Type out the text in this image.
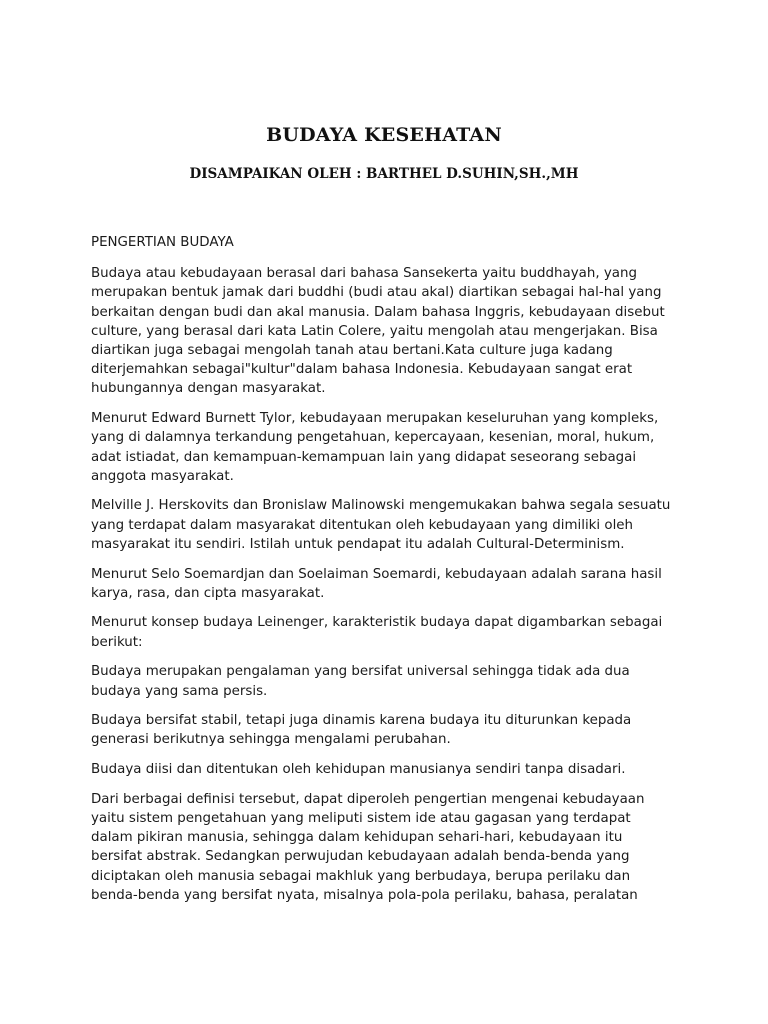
BUDAYA KESEHATAN
DISAMPAIKAN OLEH : BARTHEL D.SUHIN,SH.,MH

PENGERTIAN BUDAYA

Budaya atau kebudayaan berasal dari bahasa Sansekerta yaitu buddhayah, yang merupakan bentuk jamak dari buddhi (budi atau akal) diartikan sebagai hal-hal yang berkaitan dengan budi dan akal manusia. Dalam bahasa Inggris, kebudayaan disebut culture, yang berasal dari kata Latin Colere, yaitu mengolah atau mengerjakan. Bisa diartikan juga sebagai mengolah tanah atau bertani.Kata culture juga kadang diterjemahkan sebagai"kultur"dalam bahasa Indonesia. Kebudayaan sangat erat hubungannya dengan masyarakat.

Menurut Edward Burnett Tylor, kebudayaan merupakan keseluruhan yang kompleks, yang di dalamnya terkandung pengetahuan, kepercayaan, kesenian, moral, hukum, adat istiadat, dan kemampuan-kemampuan lain yang didapat seseorang sebagai anggota masyarakat.

Melville J. Herskovits dan Bronislaw Malinowski mengemukakan bahwa segala sesuatu yang terdapat dalam masyarakat ditentukan oleh kebudayaan yang dimiliki oleh masyarakat itu sendiri. Istilah untuk pendapat itu adalah Cultural-Determinism.

Menurut Selo Soemardjan dan Soelaiman Soemardi, kebudayaan adalah sarana hasil karya, rasa, dan cipta masyarakat.

Menurut konsep budaya Leinenger, karakteristik budaya dapat digambarkan sebagai berikut:

Budaya merupakan pengalaman yang bersifat universal sehingga tidak ada dua budaya yang sama persis.

Budaya bersifat stabil, tetapi juga dinamis karena budaya itu diturunkan kepada generasi berikutnya sehingga mengalami perubahan.

Budaya diisi dan ditentukan oleh kehidupan manusianya sendiri tanpa disadari.

Dari berbagai definisi tersebut, dapat diperoleh pengertian mengenai kebudayaan yaitu sistem pengetahuan yang meliputi sistem ide atau gagasan yang terdapat dalam pikiran manusia, sehingga dalam kehidupan sehari-hari, kebudayaan itu bersifat abstrak. Sedangkan perwujudan kebudayaan adalah benda-benda yang diciptakan oleh manusia sebagai makhluk yang berbudaya, berupa perilaku dan benda-benda yang bersifat nyata, misalnya pola-pola perilaku, bahasa, peralatan
